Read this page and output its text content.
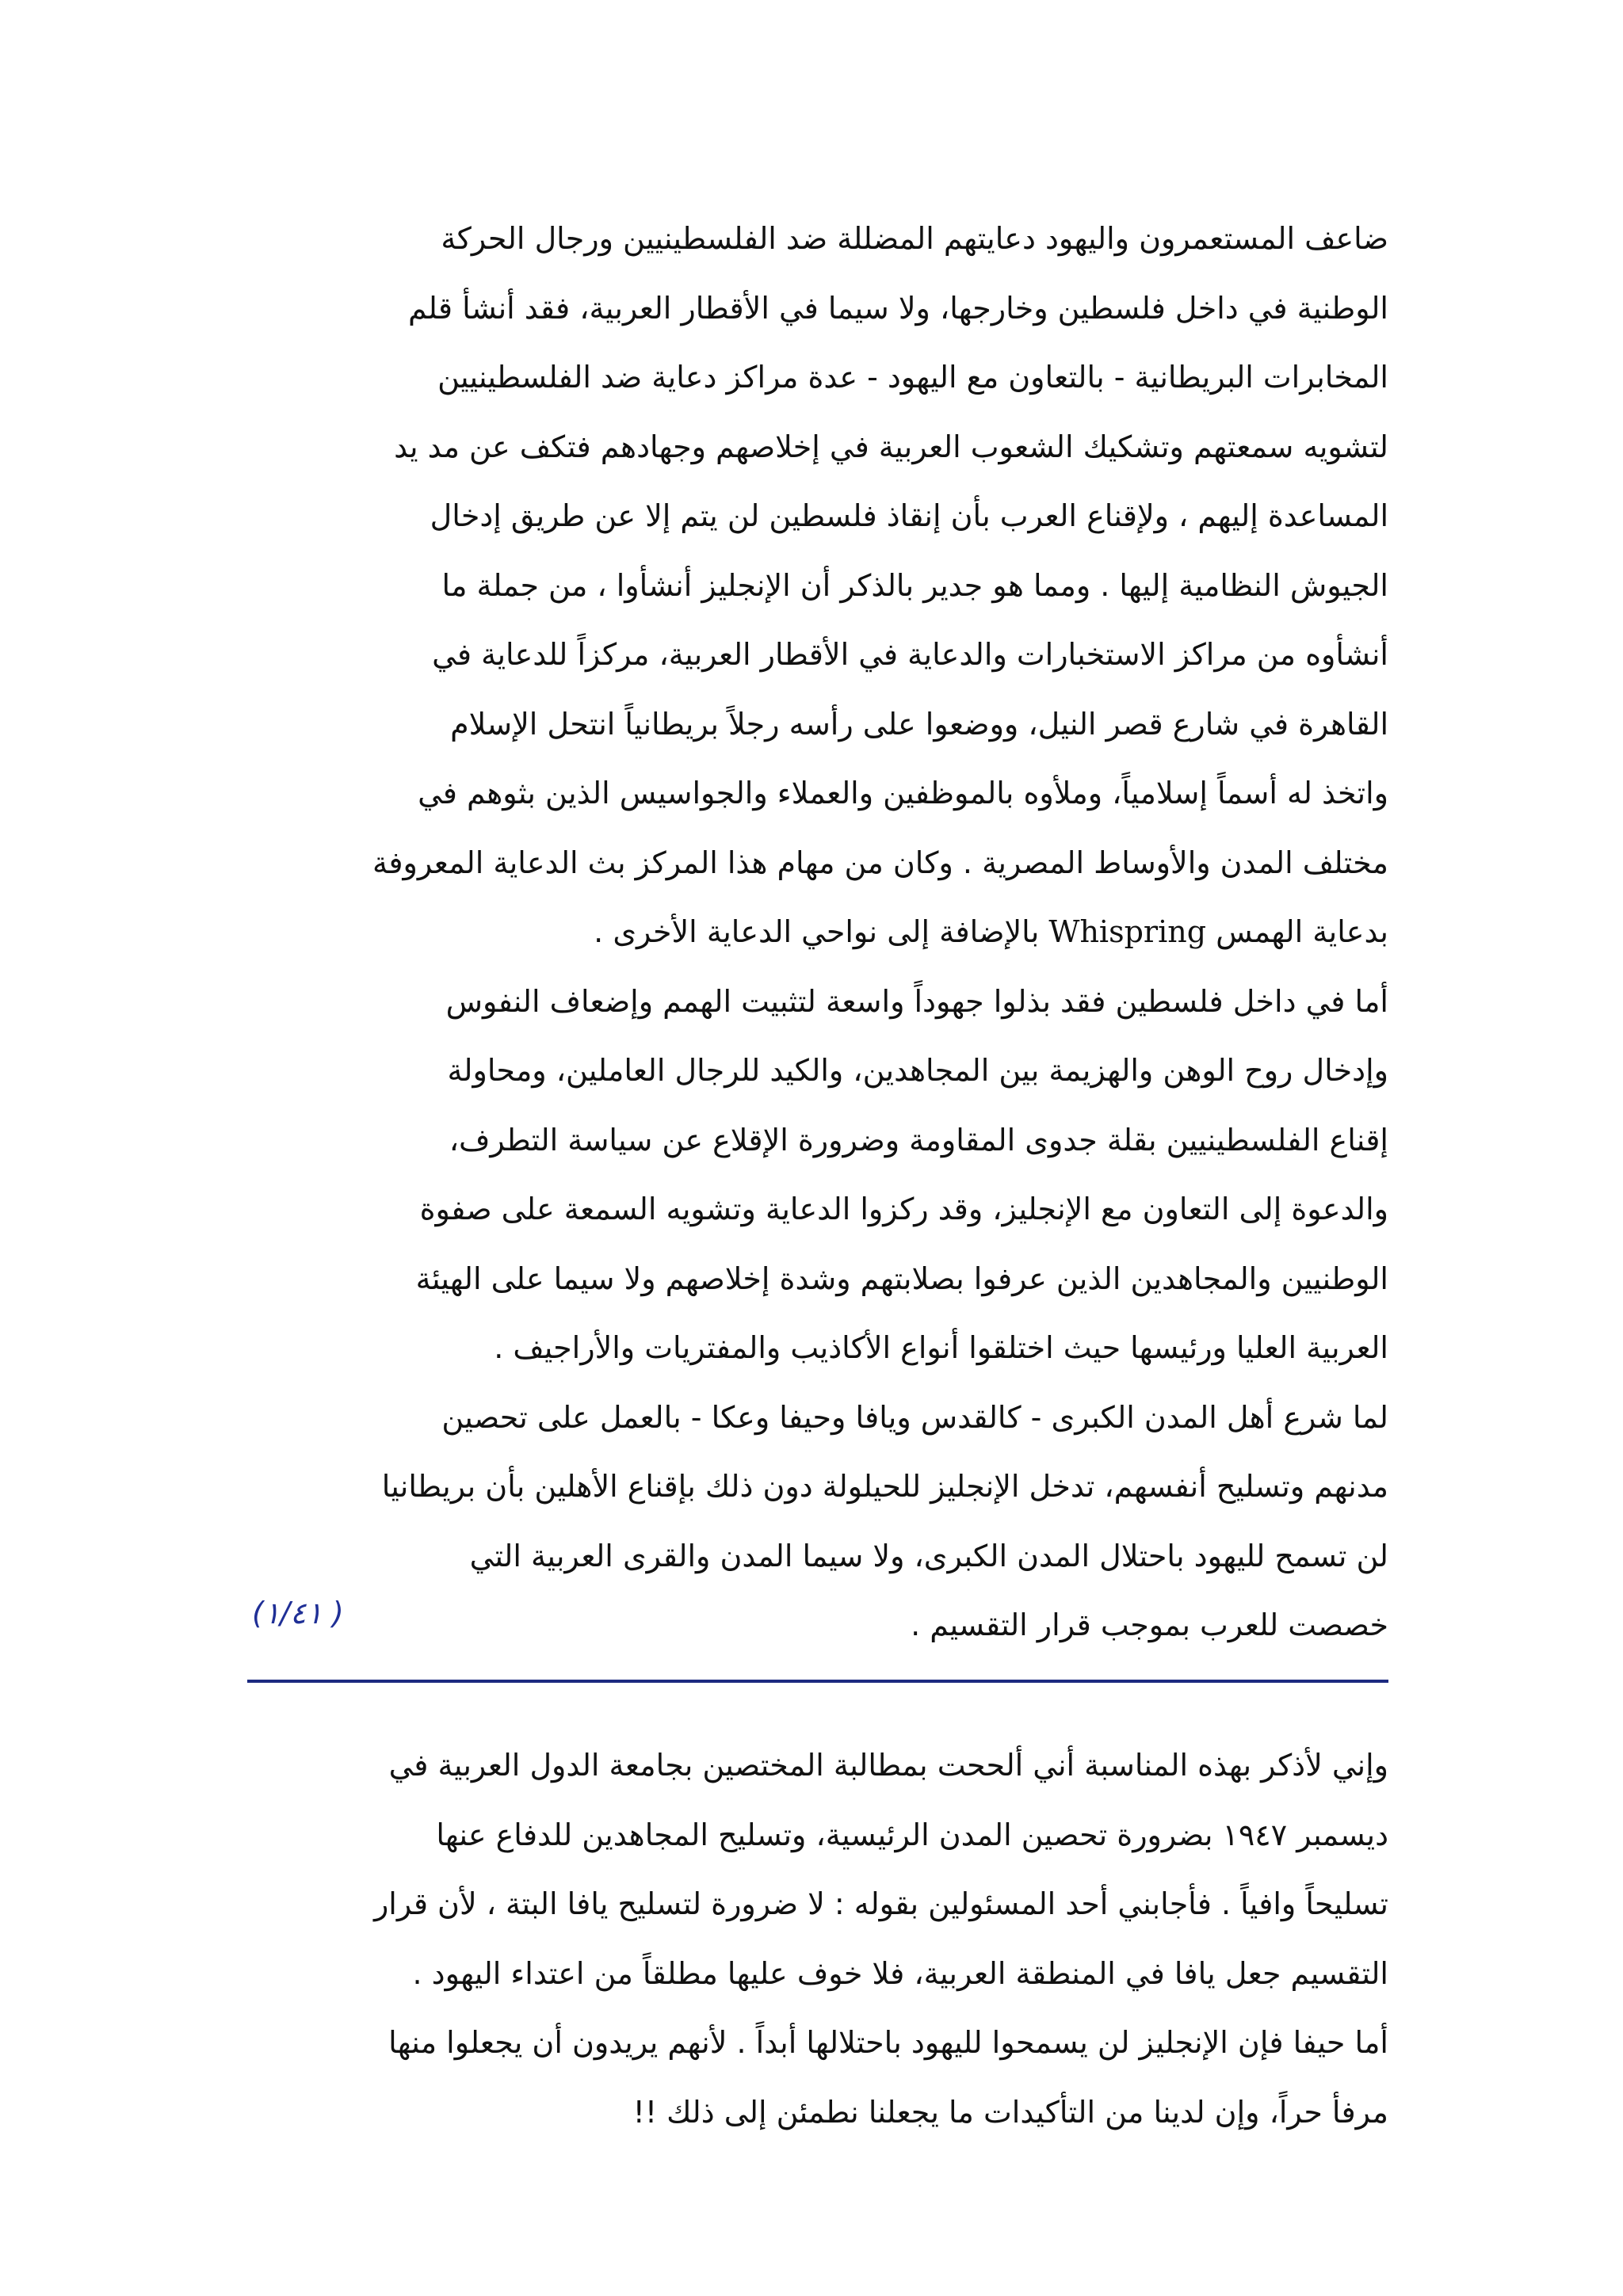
ضاعف المستعمرون واليهود دعايتهم المضللة ضد الفلسطينيين ورجال الحركة
الوطنية في داخل فلسطين وخارجها، ولا سيما في الأقطار العربية، فقد أنشأ قلم
المخابرات البريطانية - بالتعاون مع اليهود - عدة مراكز دعاية ضد الفلسطينيين
لتشويه سمعتهم وتشكيك الشعوب العربية في إخلاصهم وجهادهم فتكف عن مد يد
المساعدة إليهم ، ولإقناع العرب بأن إنقاذ فلسطين لن يتم إلا عن طريق إدخال
الجيوش النظامية إليها . ومما هو جدير بالذكر أن الإنجليز أنشأوا ، من جملة ما
أنشأوه من مراكز الاستخبارات والدعاية في الأقطار العربية، مركزاً للدعاية في
القاهرة في شارع قصر النيل، ووضعوا على رأسه رجلاً بريطانياً انتحل الإسلام
واتخذ له أسماً إسلامياً، وملأوه بالموظفين والعملاء والجواسيس الذين بثوهم في
مختلف المدن والأوساط المصرية . وكان من مهام هذا المركز بث الدعاية المعروفة
بدعاية الهمس Whispring بالإضافة إلى نواحي الدعاية الأخرى .
أما في داخل فلسطين فقد بذلوا جهوداً واسعة لتثبيت الهمم وإضعاف النفوس
وإدخال روح الوهن والهزيمة بين المجاهدين، والكيد للرجال العاملين، ومحاولة
إقناع الفلسطينيين بقلة جدوى المقاومة وضرورة الإقلاع عن سياسة التطرف،
والدعوة إلى التعاون مع الإنجليز، وقد ركزوا الدعاية وتشويه السمعة على صفوة
الوطنيين والمجاهدين الذين عرفوا بصلابتهم وشدة إخلاصهم ولا سيما على الهيئة
العربية العليا ورئيسها حيث اختلقوا أنواع الأكاذيب والمفتريات والأراجيف .
لما شرع أهل المدن الكبرى - كالقدس ويافا وحيفا وعكا - بالعمل على تحصين
مدنهم وتسليح أنفسهم، تدخل الإنجليز للحيلولة دون ذلك بإقناع الأهلين بأن بريطانيا
لن تسمح لليهود باحتلال المدن الكبرى، ولا سيما المدن والقرى العربية التي
خصصت للعرب بموجب قرار التقسيم .
( ١/٤١)
وإني لأذكر بهذه المناسبة أني ألححت بمطالبة المختصين بجامعة الدول العربية في
ديسمبر ١٩٤٧ بضرورة تحصين المدن الرئيسية، وتسليح المجاهدين للدفاع عنها
تسليحاً وافياً . فأجابني أحد المسئولين بقوله : لا ضرورة لتسليح يافا البتة ، لأن قرار
التقسيم جعل يافا في المنطقة العربية، فلا خوف عليها مطلقاً من اعتداء اليهود .
أما حيفا فإن الإنجليز لن يسمحوا لليهود باحتلالها أبداً . لأنهم يريدون أن يجعلوا منها
مرفأ حراً، وإن لدينا من التأكيدات ما يجعلنا نطمئن إلى ذلك !!
